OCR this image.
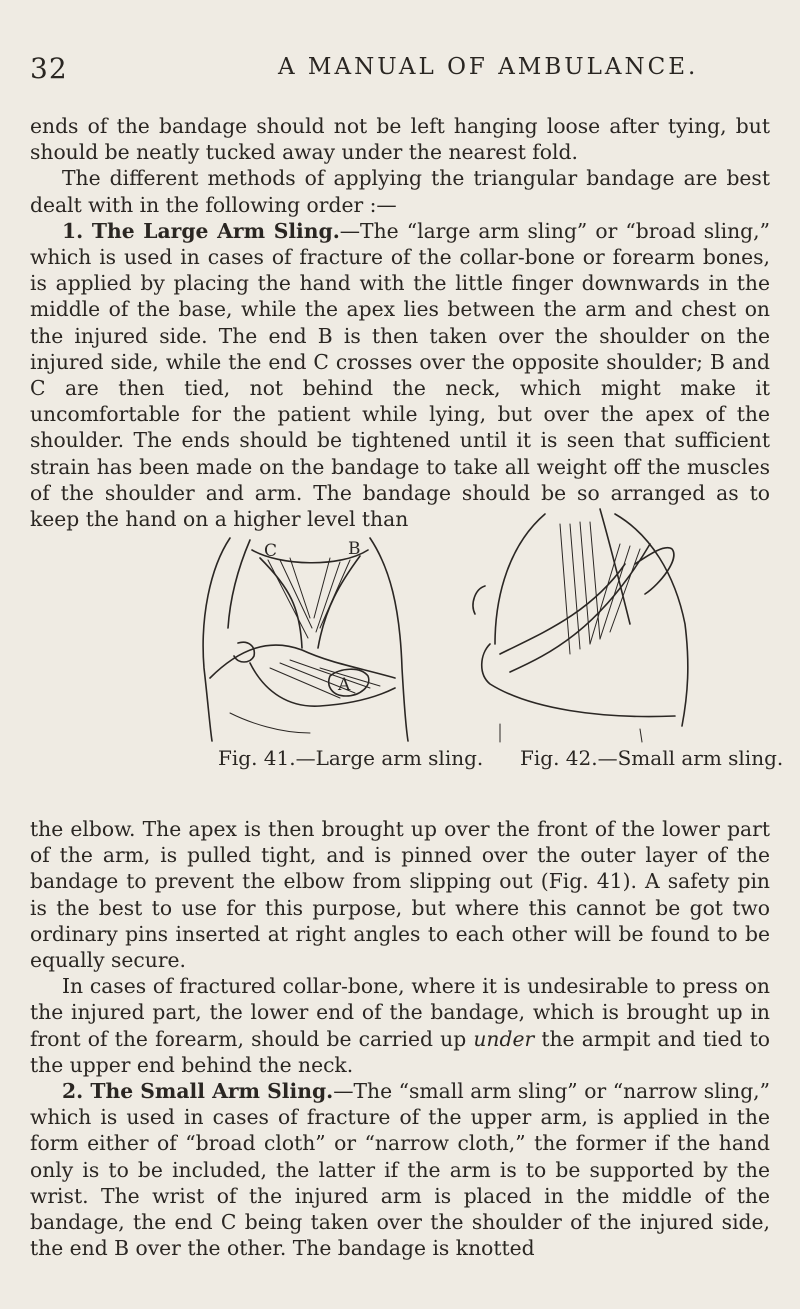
32	A MANUAL OF AMBULANCE.

ends of the bandage should not be left hanging loose after tying, but should be neatly tucked away under the nearest fold.

The different methods of applying the triangular bandage are best dealt with in the following order :—

1. The Large Arm Sling.—The “large arm sling” or “broad sling,” which is used in cases of fracture of the collar-bone or forearm bones, is applied by placing the hand with the little finger downwards in the middle of the base, while the apex lies between the arm and chest on the injured side. The end B is then taken over the shoulder on the injured side, while the end C crosses over the opposite shoulder; B and C are then tied, not behind the neck, which might make it uncomfortable for the patient while lying, but over the apex of the shoulder. The ends should be tightened until it is seen that sufficient strain has been made on the bandage to take all weight off the muscles of the shoulder and arm. The bandage should be so arranged as to keep the hand on a higher level than

C	B
A
Fig. 41.—Large arm sling. Fig. 42.—Small arm sling.

the elbow. The apex is then brought up over the front of the lower part of the arm, is pulled tight, and is pinned over the outer layer of the bandage to prevent the elbow from slipping out (Fig. 41). A safety pin is the best to use for this purpose, but where this cannot be got two ordinary pins inserted at right angles to each other will be found to be equally secure.

In cases of fractured collar-bone, where it is undesirable to press on the injured part, the lower end of the bandage, which is brought up in front of the forearm, should be carried up under the armpit and tied to the upper end behind the neck.

2. The Small Arm Sling.—The “small arm sling” or “narrow sling,” which is used in cases of fracture of the upper arm, is applied in the form either of “broad cloth” or “narrow cloth,” the former if the hand only is to be included, the latter if the arm is to be supported by the wrist. The wrist of the injured arm is placed in the middle of the bandage, the end C being taken over the shoulder of the injured side, the end B over the other. The bandage is knotted
